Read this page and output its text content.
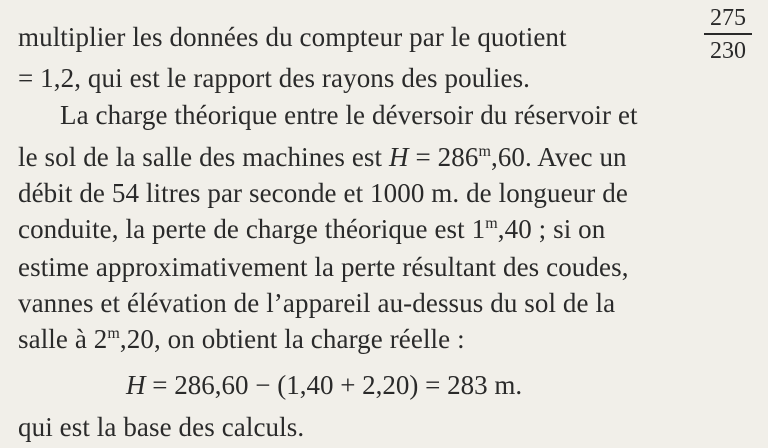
multiplier les données du compteur par le quotient
275
230
= 1,2, qui est le rapport des rayons des poulies.
La charge théorique entre le déversoir du réservoir et
le sol de la salle des machines est $H = 286^m,60$. Avec un
débit de 54 litres par seconde et 1000 m. de longueur de
conduite, la perte de charge théorique est 1$^m$,40 ; si on
estime approximativement la perte résultant des coudes,
vannes et élévation de l’appareil au-dessus du sol de la
salle à 2$^m$,20, on obtient la charge réelle :
H = 286,60 − (1,40 + 2,20) = 283 m.
qui est la base des calculs.
